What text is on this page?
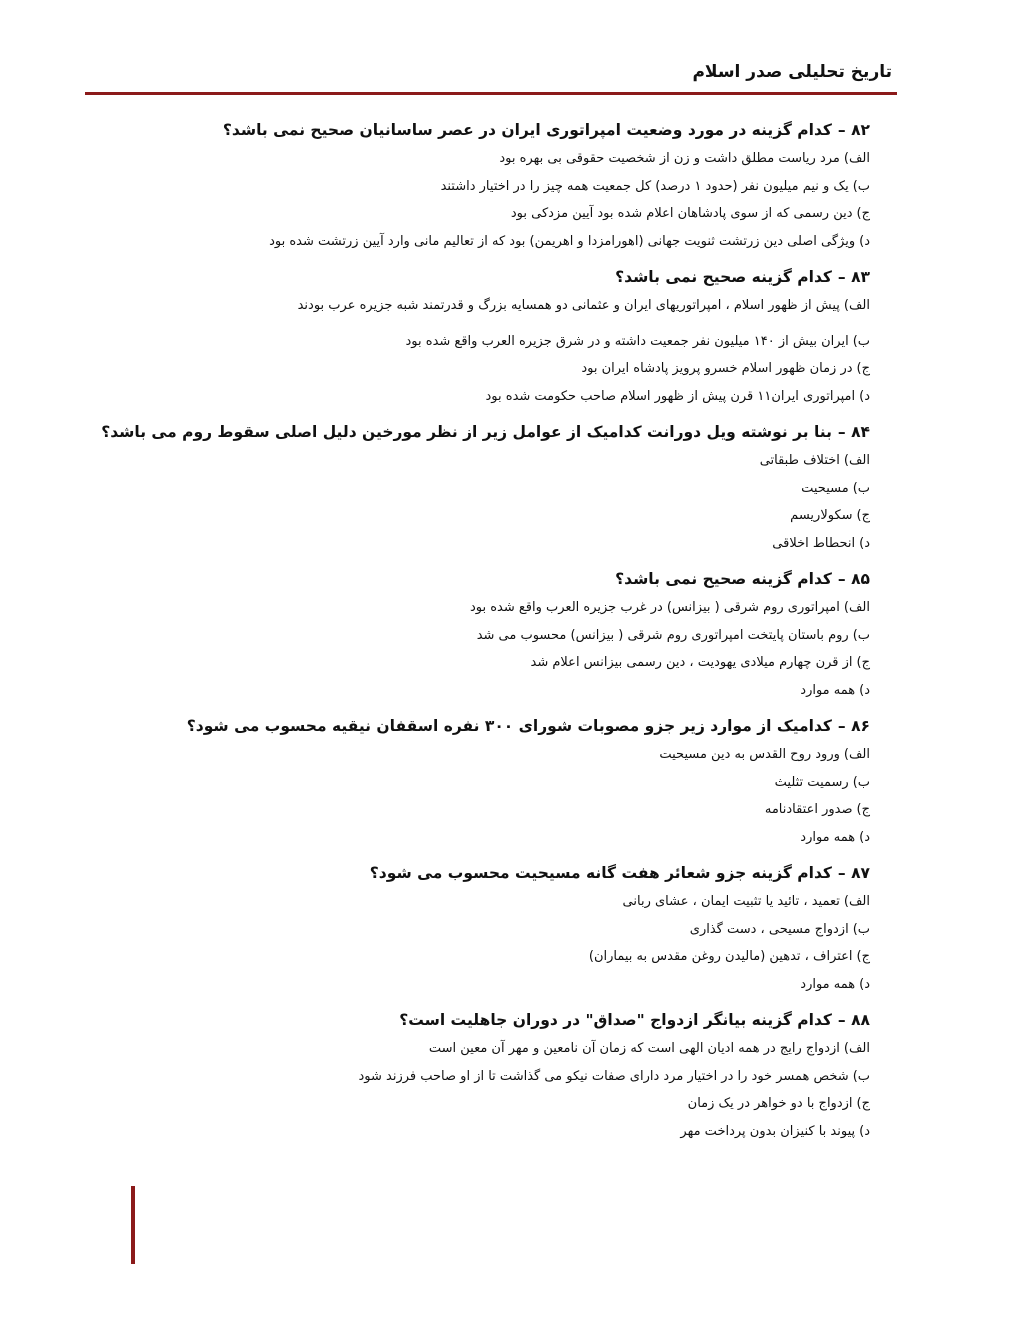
تاریخ تحلیلی صدر اسلام
۸۲ –کدام گزینه در مورد وضعیت امپراتوری ایران در عصر ساسانیان صحیح نمی باشد؟
الف)مرد ریاست مطلق داشت و زن از شخصیت حقوقی بی بهره بود
ب)یک و نیم میلیون نفر (حدود ۱ درصد) کل جمعیت همه چیز را در اختیار داشتند
ج)دین رسمی که از سوی پادشاهان اعلام شده بود آیین مزدکی بود
د)ویژگی اصلی دین زرتشت ثنویت جهانی (اهورامزدا و اهریمن) بود که از تعالیم مانی وارد آیین زرتشت شده بود
۸۳ –کدام گزینه صحیح نمی باشد؟
الف)پیش از ظهور اسلام ، امپراتوریهای ایران و عثمانی دو همسایه بزرگ و قدرتمند شبه جزیره عرب بودند
ب)ایران بیش از ۱۴۰ میلیون نفر جمعیت داشته و در شرق جزیره العرب واقع شده بود
ج)در زمان ظهور اسلام خسرو پرویز پادشاه ایران بود
د)امپراتوری ایران۱۱ قرن پیش از ظهور اسلام صاحب حکومت شده بود
۸۴ –بنا بر نوشته ویل دورانت کدامیک از عوامل زیر از نظر مورخین دلیل اصلی سقوط روم می باشد؟
الف)اختلاف طبقاتی
ب)مسیحیت
ج)سکولاریسم
د)انحطاط اخلاقی
۸۵ –کدام گزینه صحیح نمی باشد؟
الف)امپراتوری روم شرقی ( بیزانس) در غرب جزیره العرب واقع شده بود
ب)روم باستان پایتخت امپراتوری روم شرقی ( بیزانس) محسوب می شد
ج)از قرن چهارم میلادی یهودیت ، دین رسمی بیزانس اعلام شد
د)همه موارد
۸۶ –کدامیک از موارد زیر جزو مصوبات شورای ۳۰۰ نفره اسقفان نیقیه محسوب می شود؟
الف)ورود روح القدس به دین مسیحیت
ب)رسمیت تثلیث
ج)صدور اعتقادنامه
د)همه موارد
۸۷ –کدام گزینه جزو شعائر هفت گانه مسیحیت محسوب می شود؟
الف)تعمید ، تائید یا تثبیت ایمان ، عشای ربانی
ب)ازدواج مسیحی ، دست گذاری
ج)اعتراف ، تدهین (مالیدن روغن مقدس به بیماران)
د)همه موارد
۸۸ –کدام گزینه بیانگر ازدواج "صداق" در دوران جاهلیت است؟
الف)ازدواج رایج در همه ادیان الهی است که زمان آن نامعین و مهر آن معین است
ب)شخص همسر خود را در اختیار مرد دارای صفات نیکو می گذاشت تا از او صاحب فرزند شود
ج)ازدواج با دو خواهر در یک زمان
د)پیوند با کنیزان بدون پرداخت مهر
